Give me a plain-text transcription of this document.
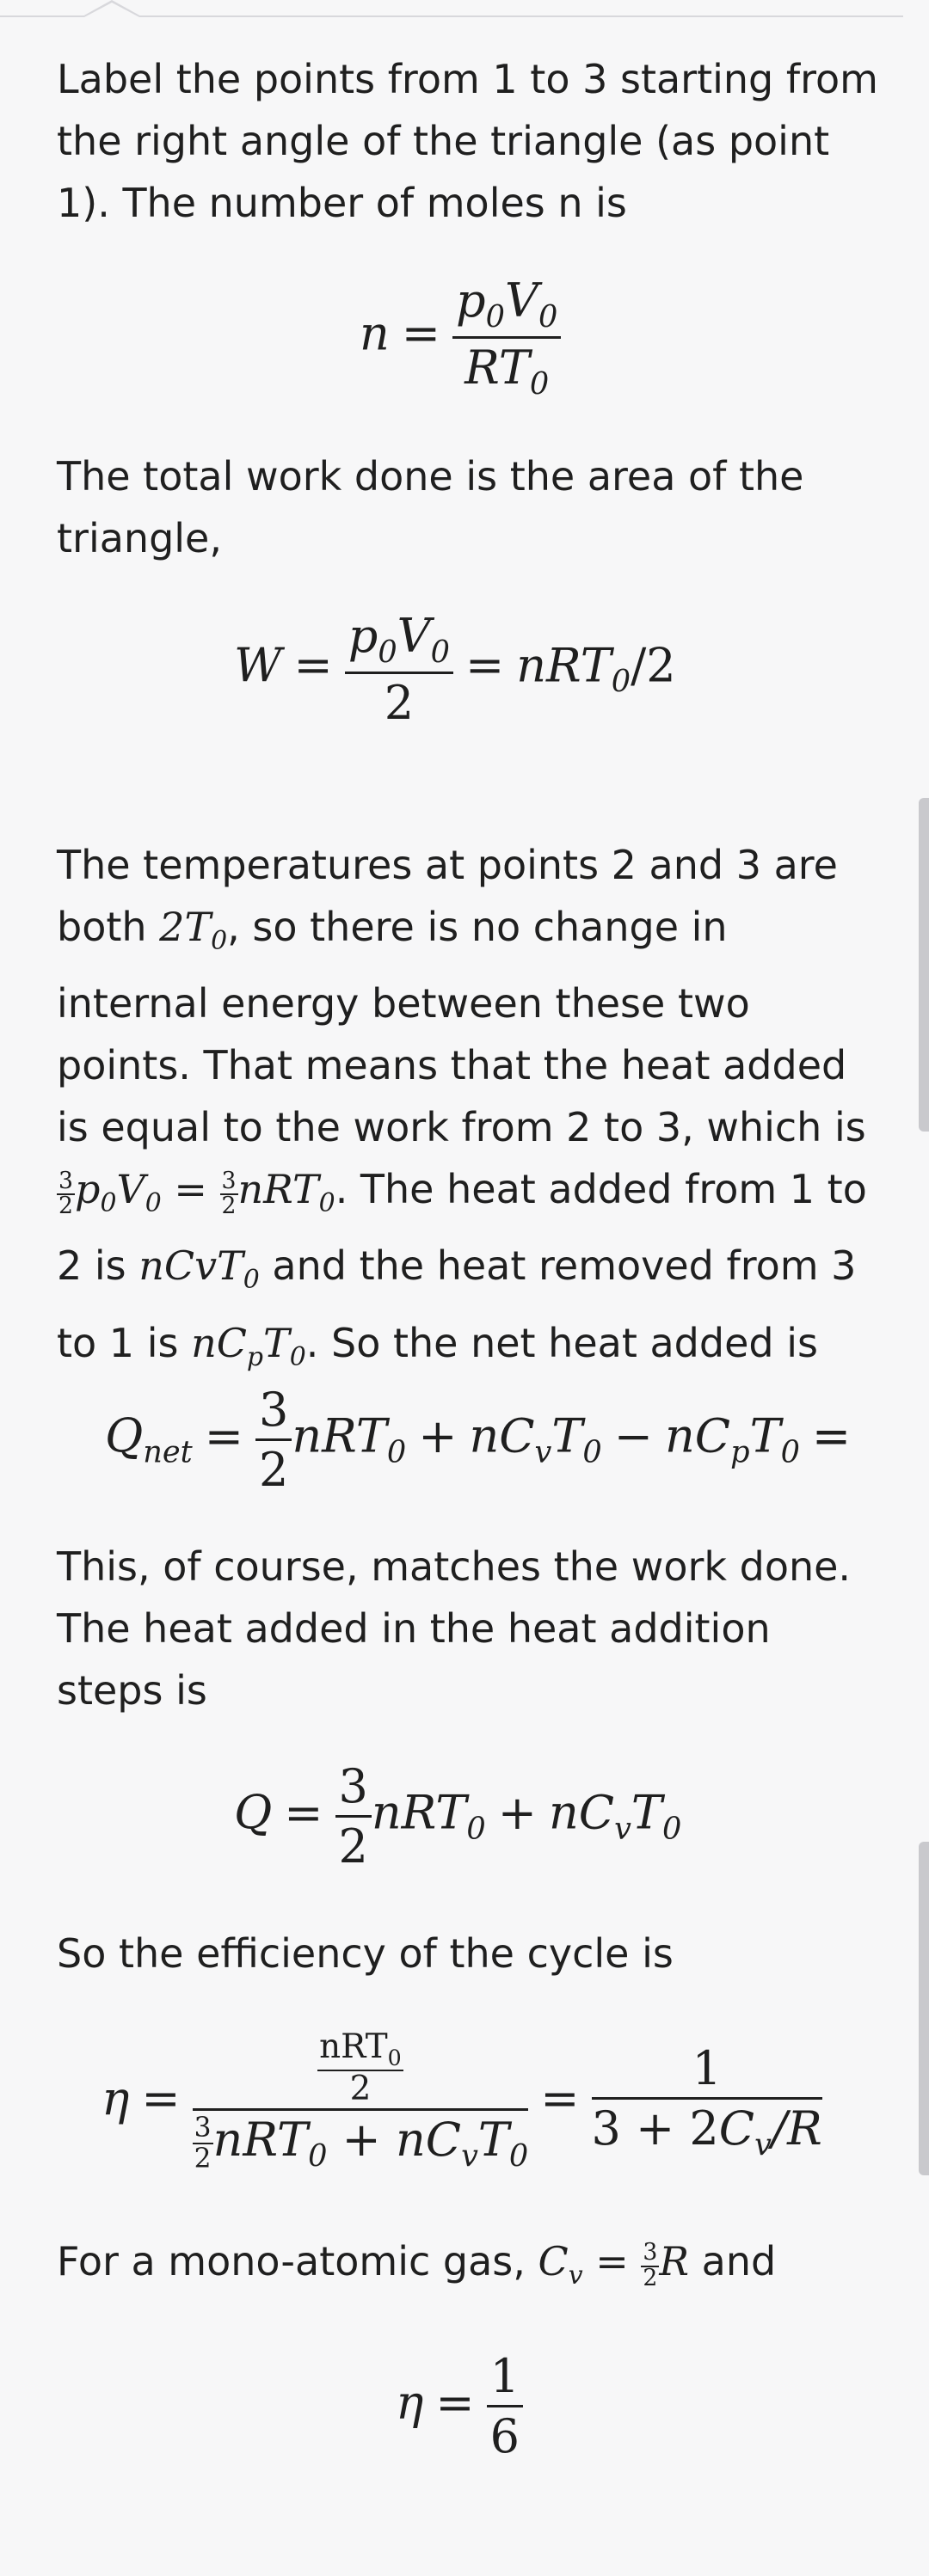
Label the points from 1 to 3 starting from the right angle of the triangle (as point 1). The number of moles n is

$n = \frac{p_0V_0}{RT_0}$

The total work done is the area of the triangle,

$W = \frac{p_0V_0}{2} = nRT_0/2$

The temperatures at points 2 and 3 are both $2T_0$, so there is no change in internal energy between these two points. That means that the heat added is equal to the work from 2 to 3, which is
$\frac{3}{2} p_0V_0 = \frac{3}{2} nRT_0$. The heat added from 1 to 2 is nCvT$_0$ and the heat removed from 3 to 1 is $nC_pT_0$. So the net heat added is

$Q_{net} = \frac{3}{2} nRT_0 + nC_vT_0 - nC_pT_0$ =

This, of course, matches the work done. The heat added in the heat addition steps is

$Q = \frac{3}{2} nRT_0 + nC_vT_0$

So the efficiency of the cycle is

$\eta = \frac{\frac{nRT_0}{2}}{\frac{3}{2} nRT_0 + nC_vT_0} = \frac{1}{3 + 2C_v/R}$

For a mono-atomic gas, $C_v = \frac{3}{2}$ R and

$\eta = \frac{1}{6}$
